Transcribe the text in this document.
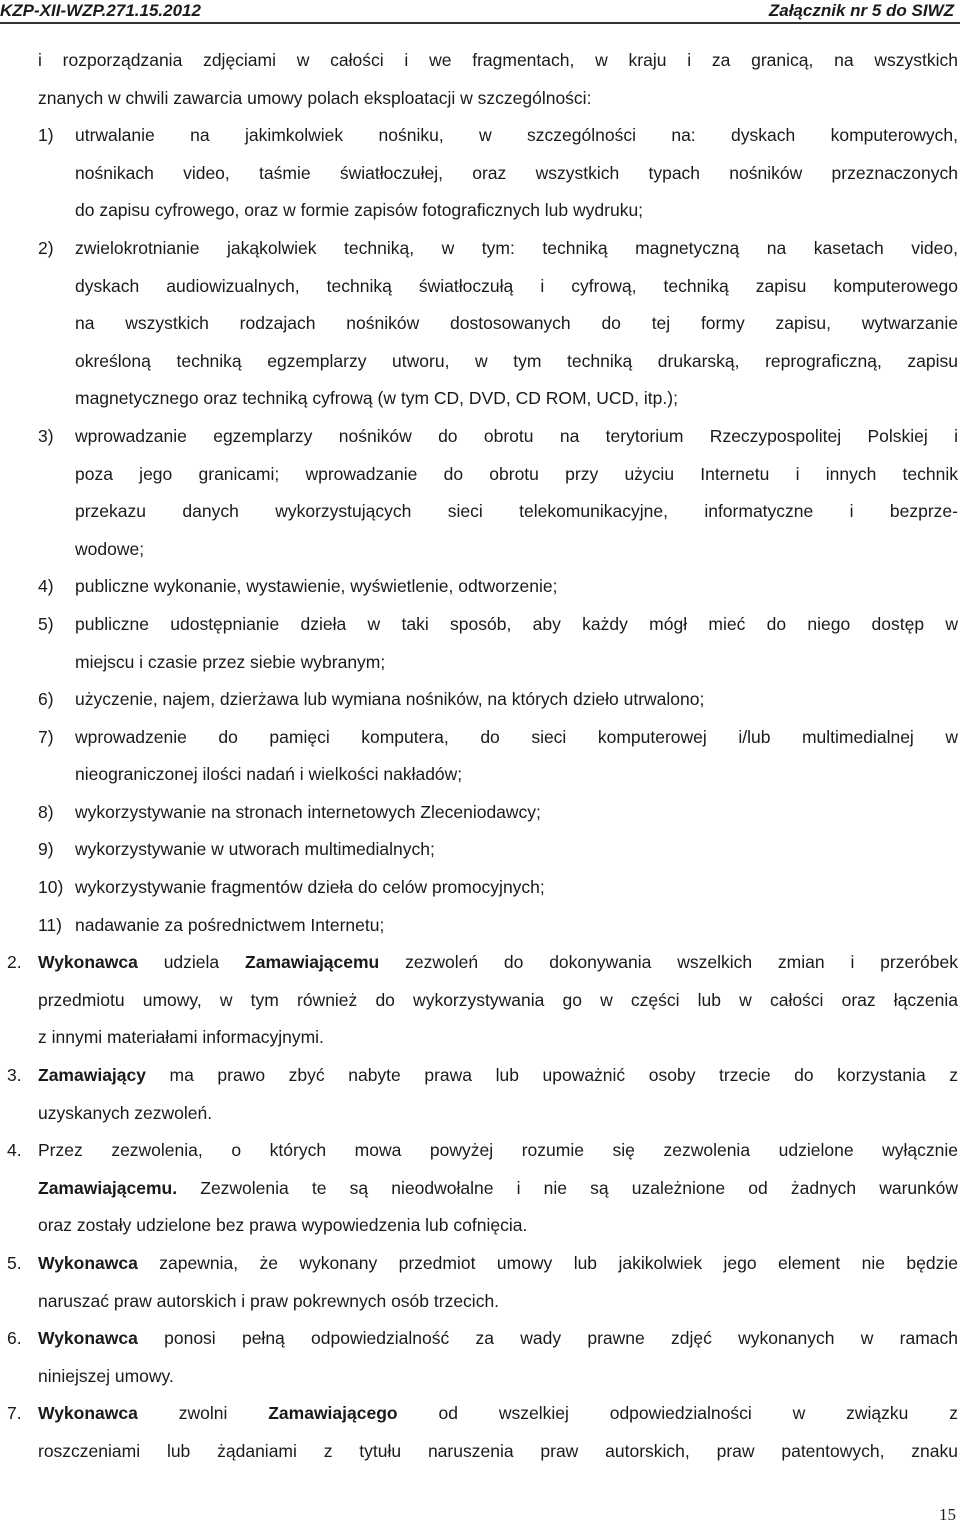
KZP-XII-WZP.271.15.2012	Załącznik nr 5 do SIWZ
i rozporządzania zdjęciami w całości i we fragmentach, w kraju i za granicą, na wszystkich
znanych w chwili zawarcia umowy polach eksploatacji w szczególności:
1) utrwalanie na jakimkolwiek nośniku, w szczególności na: dyskach komputerowych,
nośnikach video, taśmie światłoczułej, oraz wszystkich typach nośników przeznaczonych
do zapisu cyfrowego, oraz w formie zapisów fotograficznych lub wydruku;
2) zwielokrotnianie jakąkolwiek techniką, w tym: techniką magnetyczną na kasetach video,
dyskach audiowizualnych, techniką światłoczułą i cyfrową, techniką zapisu komputerowego
na wszystkich rodzajach nośników dostosowanych do tej formy zapisu, wytwarzanie
określoną techniką egzemplarzy utworu, w tym techniką drukarską, reprograficzną, zapisu
magnetycznego oraz techniką cyfrową (w tym CD, DVD, CD ROM, UCD, itp.);
3) wprowadzanie egzemplarzy nośników do obrotu na terytorium Rzeczypospolitej Polskiej i
poza jego granicami; wprowadzanie do obrotu przy użyciu Internetu i innych technik
przekazu danych wykorzystujących sieci telekomunikacyjne, informatyczne i bezprze-
wodowe;
4) publiczne wykonanie, wystawienie, wyświetlenie, odtworzenie;
5) publiczne udostępnianie dzieła w taki sposób, aby każdy mógł mieć do niego dostęp w
miejscu i czasie przez siebie wybranym;
6) użyczenie, najem, dzierżawa lub wymiana nośników, na których dzieło utrwalono;
7) wprowadzenie do pamięci komputera, do sieci komputerowej i/lub multimedialnej w
nieograniczonej ilości nadań i wielkości nakładów;
8) wykorzystywanie na stronach internetowych Zleceniodawcy;
9) wykorzystywanie w utworach multimedialnych;
10) wykorzystywanie fragmentów dzieła do celów promocyjnych;
11) nadawanie za pośrednictwem Internetu;
2. Wykonawca udziela Zamawiającemu zezwoleń do dokonywania wszelkich zmian i przeróbek
przedmiotu umowy, w tym również do wykorzystywania go w części lub w całości oraz łączenia
z innymi materiałami informacyjnymi.
3. Zamawiający ma prawo zbyć nabyte prawa lub upoważnić osoby trzecie do korzystania z
uzyskanych zezwoleń.
4. Przez zezwolenia, o których mowa powyżej rozumie się zezwolenia udzielone wyłącznie
Zamawiającemu. Zezwolenia te są nieodwołalne i nie są uzależnione od żadnych warunków
oraz zostały udzielone bez prawa wypowiedzenia lub cofnięcia.
5. Wykonawca zapewnia, że wykonany przedmiot umowy lub jakikolwiek jego element nie będzie
naruszać praw autorskich i praw pokrewnych osób trzecich.
6. Wykonawca ponosi pełną odpowiedzialność za wady prawne zdjęć wykonanych w ramach
niniejszej umowy.
7. Wykonawca zwolni Zamawiającego od wszelkiej odpowiedzialności w związku z
roszczeniami lub żądaniami z tytułu naruszenia praw autorskich, praw patentowych, znaku
15
